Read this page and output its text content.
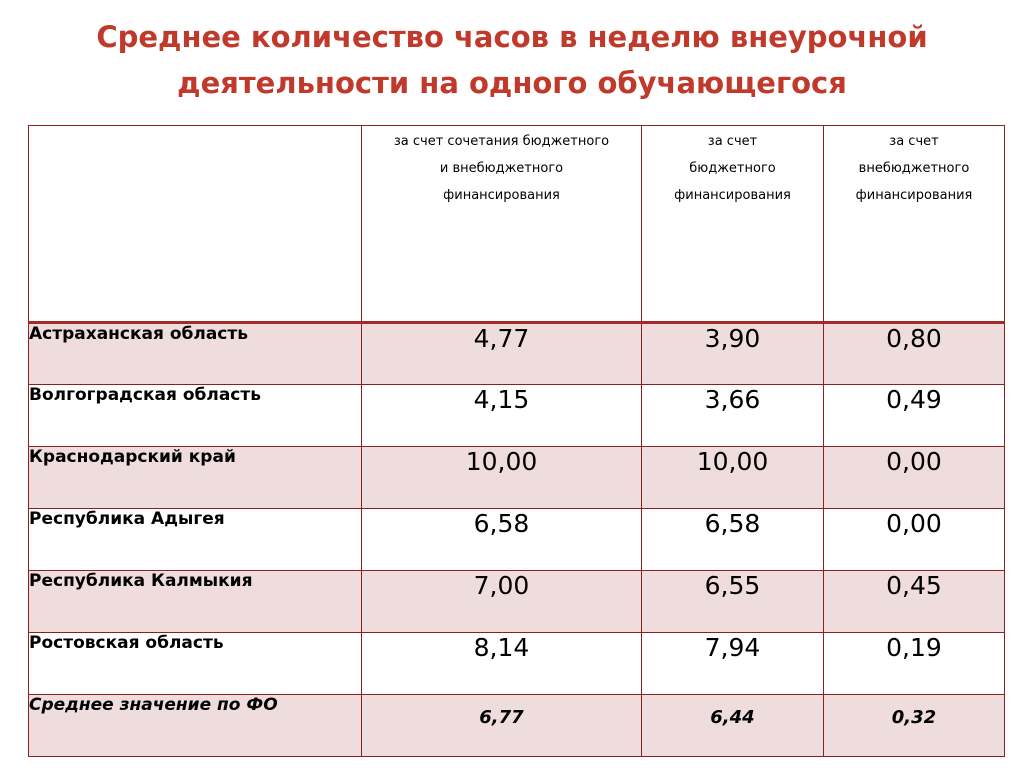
Среднее количество часов в неделю внеурочной
деятельности на одного обучающегося
	за счет сочетания бюджетного
и внебюджетного
финансирования	за счет
бюджетного
финансирования	за счет
внебюджетного
финансирования
Астраханская область	4,77	3,90	0,80
Волгоградская область	4,15	3,66	0,49
Краснодарский край	10,00	10,00	0,00
Республика Адыгея	6,58	6,58	0,00
Республика Калмыкия	7,00	6,55	0,45
Ростовская область	8,14	7,94	0,19
Среднее значение по ФО	6,77	6,44	0,32
